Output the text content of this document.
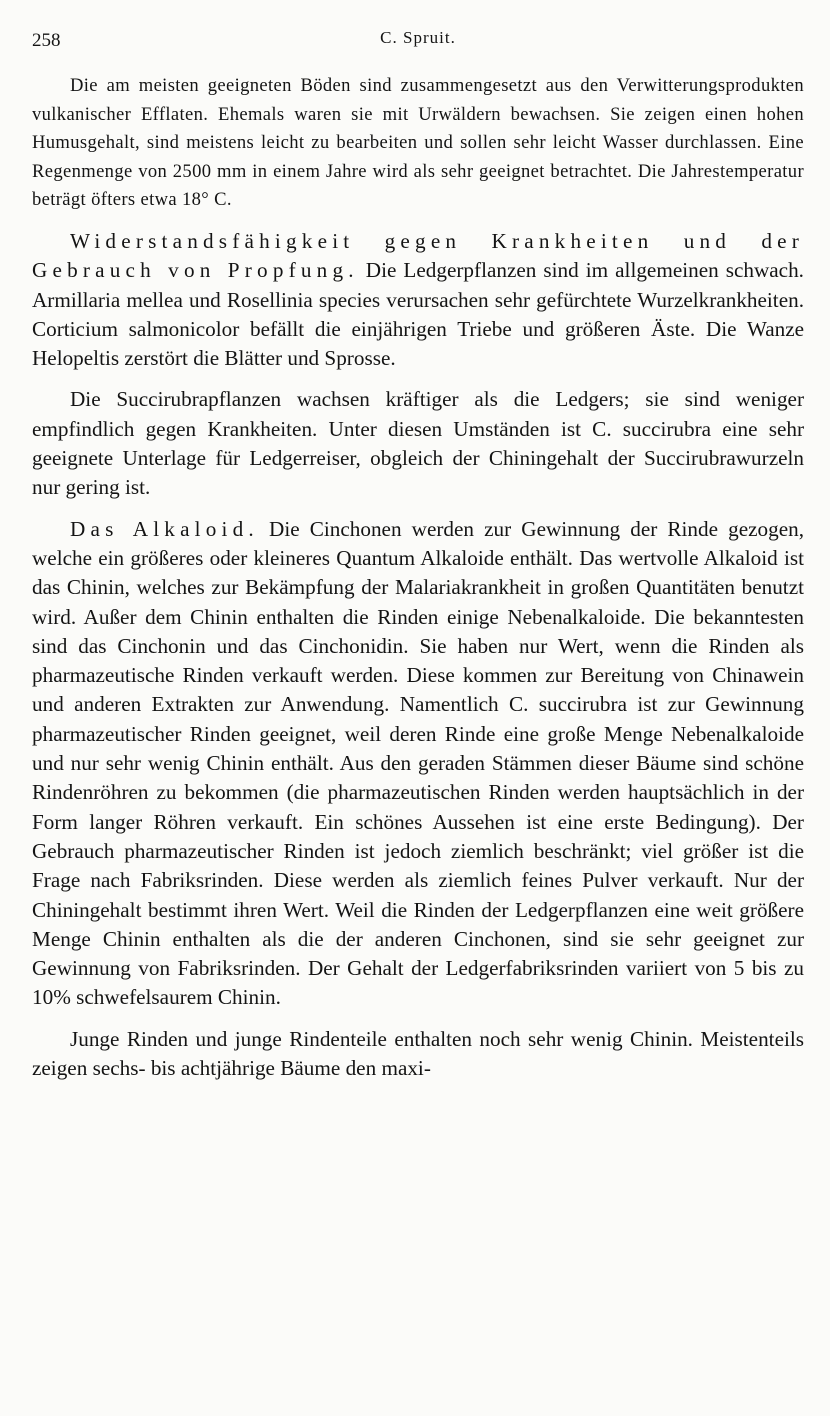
258	C. Spruit.

Die am meisten geeigneten Böden sind zusammengesetzt aus den Verwitterungsprodukten vulkanischer Efflaten. Ehemals waren sie mit Urwäldern bewachsen. Sie zeigen einen hohen Humusgehalt, sind meistens leicht zu bearbeiten und sollen sehr leicht Wasser durchlassen. Eine Regenmenge von 2500 mm in einem Jahre wird als sehr geeignet betrachtet. Die Jahrestemperatur beträgt öfters etwa 18° C.

Widerstandsfähigkeit gegen Krankheiten und der Gebrauch von Propfung. Die Ledgerpflanzen sind im allgemeinen schwach. Armillaria mellea und Rosellinia species verursachen sehr gefürchtete Wurzelkrankheiten. Corticium salmonicolor befällt die einjährigen Triebe und größeren Äste. Die Wanze Helopeltis zerstört die Blätter und Sprosse.

Die Succirubrapflanzen wachsen kräftiger als die Ledgers; sie sind weniger empfindlich gegen Krankheiten. Unter diesen Umständen ist C. succirubra eine sehr geeignete Unterlage für Ledgerreiser, obgleich der Chiningehalt der Succirubrawurzeln nur gering ist.

Das Alkaloid. Die Cinchonen werden zur Gewinnung der Rinde gezogen, welche ein größeres oder kleineres Quantum Alkaloide enthält. Das wertvolle Alkaloid ist das Chinin, welches zur Bekämpfung der Malariakrankheit in großen Quantitäten benutzt wird. Außer dem Chinin enthalten die Rinden einige Nebenalkaloide. Die bekanntesten sind das Cinchonin und das Cinchonidin. Sie haben nur Wert, wenn die Rinden als pharmazeutische Rinden verkauft werden. Diese kommen zur Bereitung von Chinawein und anderen Extrakten zur Anwendung. Namentlich C. succirubra ist zur Gewinnung pharmazeutischer Rinden geeignet, weil deren Rinde eine große Menge Nebenalkaloide und nur sehr wenig Chinin enthält. Aus den geraden Stämmen dieser Bäume sind schöne Rindenröhren zu bekommen (die pharmazeutischen Rinden werden hauptsächlich in der Form langer Röhren verkauft. Ein schönes Aussehen ist eine erste Bedingung). Der Gebrauch pharmazeutischer Rinden ist jedoch ziemlich beschränkt; viel größer ist die Frage nach Fabriksrinden. Diese werden als ziemlich feines Pulver verkauft. Nur der Chiningehalt bestimmt ihren Wert. Weil die Rinden der Ledgerpflanzen eine weit größere Menge Chinin enthalten als die der anderen Cinchonen, sind sie sehr geeignet zur Gewinnung von Fabriksrinden. Der Gehalt der Ledgerfabriksrinden variiert von 5 bis zu 10% schwefelsaurem Chinin.

Junge Rinden und junge Rindenteile enthalten noch sehr wenig Chinin. Meistenteils zeigen sechs- bis achtjährige Bäume den maxi-
